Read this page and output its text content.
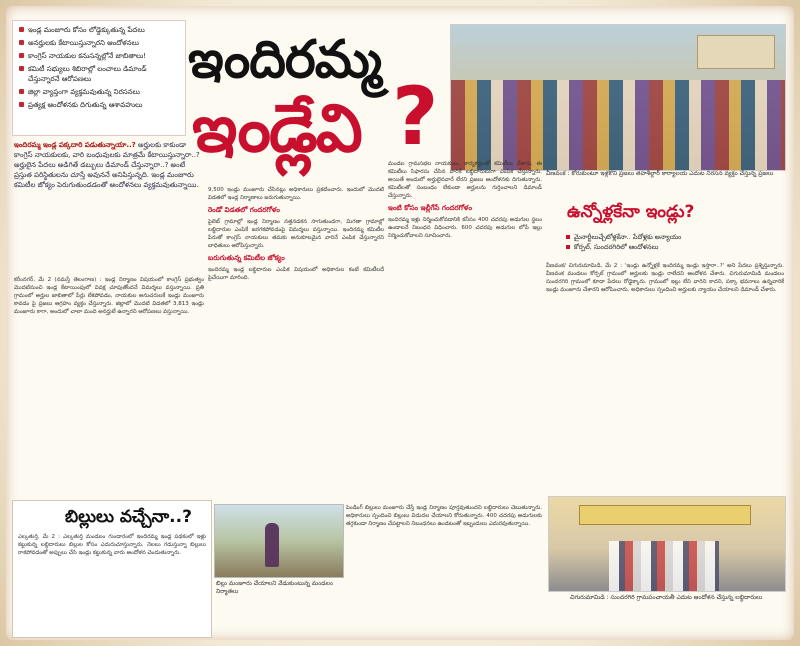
ఇండ్ల మంజూరు కోసం లోడ్డెక్కుతున్న పేదలు
అనర్హులకు కేటాయిస్తున్నారని ఆందోళనలు
కాంగ్రెస్ నాయకుల కనుసన్నల్లోనే జాబితాలు!
కమిటీ సభ్యులు శిబిరాల్లో లంచాలు డిమాండ్ చేస్తున్నారనే ఆరోపణలు
జిల్లా వ్యాప్తంగా వ్యక్తమవుతున్న నిరసనలు
ప్రత్యక్ష ఆందోళనకు దిగుతున్న ఆశావహులు
ఇందిరమ్మ
ఇండ్లేవి ?
వీణవంక : కోరుకుంటూ ఇళ్లకొని ప్రజలు తహశీల్దార్ కార్యాలయ ఎదుట నిరసన వ్యక్తం చేస్తున్న ప్రజలు
ఇందిరమ్మ ఇండ్ల పక్కదారి పడుతున్నాయా..? అర్హులకు కాకుండా కాంగ్రెస్ నాయకులకు, వారి బంధువులకు మాత్రమే కేటాయిస్తున్నారా..? అర్హులైన పేదలు అడిగితే డబ్బులు డిమాండ్ చేస్తున్నారా..? అంటే ప్రస్తుత పరిస్థితులను చూస్తే అవుననే అనిపిస్తున్నది. ఇండ్ల మంజూరు కమిటీల జోక్యం పెరుగుతుండడంతో ఆందోళనలు వ్యక్తమవుతున్నాయి.
కరీంనగర్, మే 2 (నమస్తే తెలంగాణ) : ఇండ్ల నిర్మాణం విషయంలో కాంగ్రెస్ ప్రభుత్వం మొదటినుంచి ఇండ్ల కేటాయింపులో వివక్ష చూపుతోందనే విమర్శలు వస్తున్నాయి. ప్రతి గ్రామంలో అర్హుల జాబితాలో పేర్లు లేకపోవడం, నాయకుల అనుచరులకే ఇండ్లు మంజూరు కావడం పై ప్రజలు ఆగ్రహం వ్యక్తం చేస్తున్నారు. జిల్లాలో మొదటి విడతలో 3,813 ఇండ్లు మంజూరు కాగా, అందులో చాలా మంది అనర్హులే ఉన్నారని ఆరోపణలు వస్తున్నాయి.
9,500 ఇండ్లు మంజూరు చేసినట్లు అధికారులు ప్రకటించారు. ఇందులో మొదటి విడతలో ఇండ్ల నిర్మాణాలు జరుగుతున్నాయి.
రెండో విడతలో గందరగోళం
పైలెట్ గ్రామాల్లో ఇండ్ల నిర్మాణం నత్తనడకన సాగుతుండగా, మిగతా గ్రామాల్లో లబ్ధిదారుల ఎంపికే జరగకపోవడంపై విమర్శలు వస్తున్నాయి. ఇందిరమ్మ కమిటీల పేరుతో కాంగ్రెస్ నాయకులు తమకు అనుకూలమైన వారినే ఎంపిక చేస్తున్నారని బాధితులు ఆరోపిస్తున్నారు.
బరుగుతున్న కమిటీల జోక్యం
ఇందిరమ్మ ఇండ్ల లబ్ధిదారుల ఎంపిక విషయంలో అధికారుల కంటే కమిటీలదే పైచేయిగా మారింది.
మండల గ్రామసభల నాయకులు, కార్యకర్తలతో కమిటీలు వేశారు. ఈ కమిటీలు సిఫారసు చేసిన వారికే లబ్ధిదారులుగా ఎంపిక చేస్తున్నారు. అయితే అందులో అర్హులైనవారే లేరని ప్రజలు ఆందోళనకు దిగుతున్నారు. కమిటీలతో సంబంధం లేకుండా అర్హులను గుర్తించాలని డిమాండ్ చేస్తున్నారు.
ఇంటి కోసం ఇల్లీగేసే గందరగోళం
ఇందిరమ్మ ఇళ్లు నిర్మించుకోవడానికి కనీసం 400 చదరపు అడుగుల స్థలం ఉండాలనే నిబంధన విధించారు. 600 చదరపు అడుగుల లోపే ఇల్లు నిర్మించుకోవాలని సూచించారు.
ఉన్నోళ్లకేనా ఇండ్లు?
మైనార్టీలుచ్చేటోళ్లకేనా.. పేదోళ్లకు అన్యాయం
కోర్పల్, సుందరగిరిలో ఆందోళనలు
వీణవంక/ చిగురుమామిడి, మే 2 : 'ఇండ్లు ఉన్నోళ్లకే ఇందిరమ్మ ఇండ్లు ఇస్తారా..?' అని పేదలు ప్రశ్నిస్తున్నారు. వీణవంక మండలం కోర్పల్ గ్రామంలో అర్హులకు ఇండ్లు రాలేదని ఆందోళన చేశారు. చిగురుమామిడి మండలం సుందరగిరి గ్రామంలో కూడా పేదలు రోడ్డెక్కారు. గ్రామంలో ఇల్లు లేని వారిని కాదని, పక్కా భవనాలు ఉన్నవారికే ఇండ్లు మంజూరు చేశారని ఆరోపించారు. అధికారులు స్పందించి అర్హులకు న్యాయం చేయాలని డిమాండ్ చేశారు.
చిగురుమామిడి : సుందరగిరి గ్రామపంచాయతీ ఎదుట ఆందోళన చేస్తున్న లబ్ధిదారులు
బిల్లులు వచ్చేనా..?
ఎల్కతుర్తి, మే 2 : ఎల్కతుర్తి మండలం గుండారంలో ఇందిరమ్మ ఇండ్ల పథకంలో ఇళ్లు కట్టుకున్న లబ్ధిదారులు బిల్లుల కోసం ఎదురుచూస్తున్నారు. నెలలు గడుస్తున్నా బిల్లులు రాకపోవడంతో అప్పులు చేసి ఇండ్లు కట్టుకున్న వారు ఆందోళన చెందుతున్నారు.
బిల్లు మంజూరు చేయాలని వేడుకుంటున్న మండలం నిర్మాతలు
పెండింగ్ బిల్లులు మంజూరు చేస్తే ఇండ్ల నిర్మాణం పూర్తవుతుందని లబ్ధిదారులు చెబుతున్నారు. అధికారులు స్పందించి బిల్లులు విడుదల చేయాలని కోరుతున్నారు. 400 చదరపు అడుగులకు తగ్గకుండా నిర్మాణం చేపట్టాలని నిబంధనలు ఉండటంతో ఇబ్బందులు ఎదురవుతున్నాయి.
